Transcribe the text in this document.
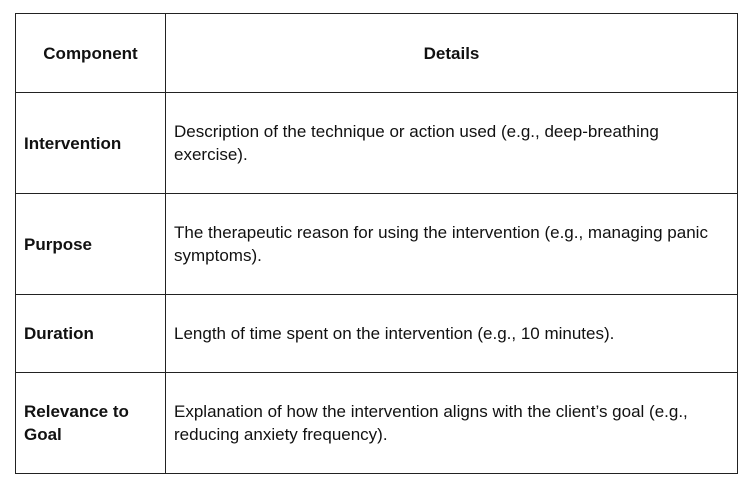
Component	Details
Intervention	Description of the technique or action used (e.g., deep-breathing exercise).
Purpose	The therapeutic reason for using the intervention (e.g., managing panic symptoms).
Duration	Length of time spent on the intervention (e.g., 10 minutes).
Relevance to Goal	Explanation of how the intervention aligns with the client’s goal (e.g., reducing anxiety frequency).
